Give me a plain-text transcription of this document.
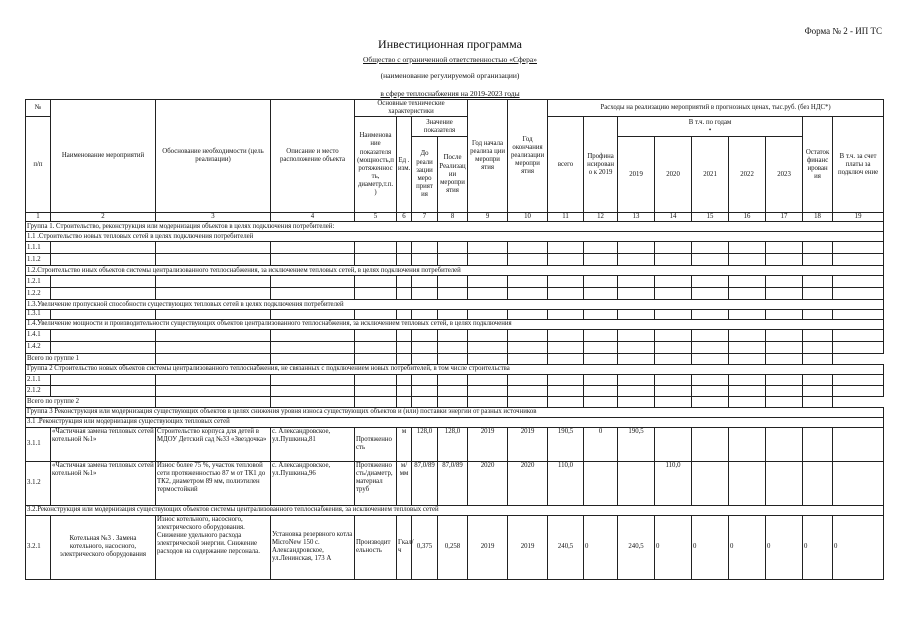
Форма № 2 - ИП ТС
Инвестиционная программа
Общество с ограниченной ответственностью «Сфера»
(наименование регулируемой организации)
в сфере теплоснабжения на 2019-2023 годы
№	Наименование мероприятий	Обоснование необходимости (цель реализации)	Описание и место расположение объекта	Основные технические характеристики				Год начала реализа ции меропри ятия	Год окончания реализации меропри ятия	Расходы на реализацию мероприятий в прогнозных ценах, тыс.руб. (без НДС*)								
п/п				Наименова ние показателя (мощность,п ротяженнос ть, диаметр,т.п. )	Ед . изм.	Значение показателя				всего	Профина нсирован о к 2019	В т.ч. по годам
•					Остаток финанс ирован ия	В т.ч. за счет платы за подключ ение
						До реали зации меро прият ия	После Реализац ии меропри ятия					2019	2020	2021	2022	2023		
1	2	3	4	5	6	7	8	9	10	11	12	13	14	15	16	17	18	19
Группа 1. Строительство, реконструкция или модернизация объектов в целях подключения потребителей:																		
1.1 .Строительство новых тепловых сетей в целях подключения потребителей																		
1.1.1																		
1.1.2																		
1.2.Строительство иных объектов системы централизованного теплоснабжения, за исключением тепловых сетей, в целях подключения потребителей																		
1.2.1																		
1.2.2																		
1.3.Увеличение пропускной способности существующих тепловых сетей в целях подключения потребителей																		
1.3.1																		
1.4.Увеличение мощности и производительности существующих объектов централизованного теплоснабжения, за исключением тепловых сетей, в целях подключения																		
1.4.1																		
1.4.2																		
Всего по группе 1																		
Группа 2 Строительство новых объектов системы централизованного теплоснабжения, не связанных с подключением новых потребителей, в том числе строительства																		
2.1.1																		
2.1.2																		
Всего по группе 2																		
Группа 3 Реконструкция или модернизация существующих объектов в целях снижения уровня износа существующих объектов и (или) поставки энергии от разных источников																		
3.1 .Реконструкция или модернизация существующих тепловых сетей																		
3.1.1	«Частичная замена тепловых сетей котельной №1»	Строительство корпуса для детей в МДОУ Детский сад №33 «Звездочка»	с. Александровское, ул.Пушкина,81	Протяженно сть	м	128,0	128,0	2019	2019	190,5	0	190,5						
3.1.2	«Частичная замена тепловых сетей котельной №1»	Износ более 75 %, участок тепловой сети протяженностью 87 м от ТК1 до ТК2, диаметром 89 мм, полиэтилен термостойкий	с. Александровское, ул.Пушкина,96	Протяженно сть/диаметр, материал труб	м/мм	87,0/89	87,0/89	2020	2020	110,0			110,0					
3.2.Реконструкция или модернизация существующих объектов системы централизованного теплоснабжения, за исключением тепловых сетей																		
3.2.1	Котельная №3 . Замена котельного, насосного, электрического оборудования	Износ котельного, насосного, электрического оборудования. Снижение удельного расхода электрической энергии. Снижение расходов на содержание персонала.	Установка резервного котла MicroNew 150 с. Александровское, ул.Ленинская, 173 А	Производит ельность	Гкал/ ч	0,375	0,258	2019	2019	240,5	0	240,5	0	0	0	0	0	0
